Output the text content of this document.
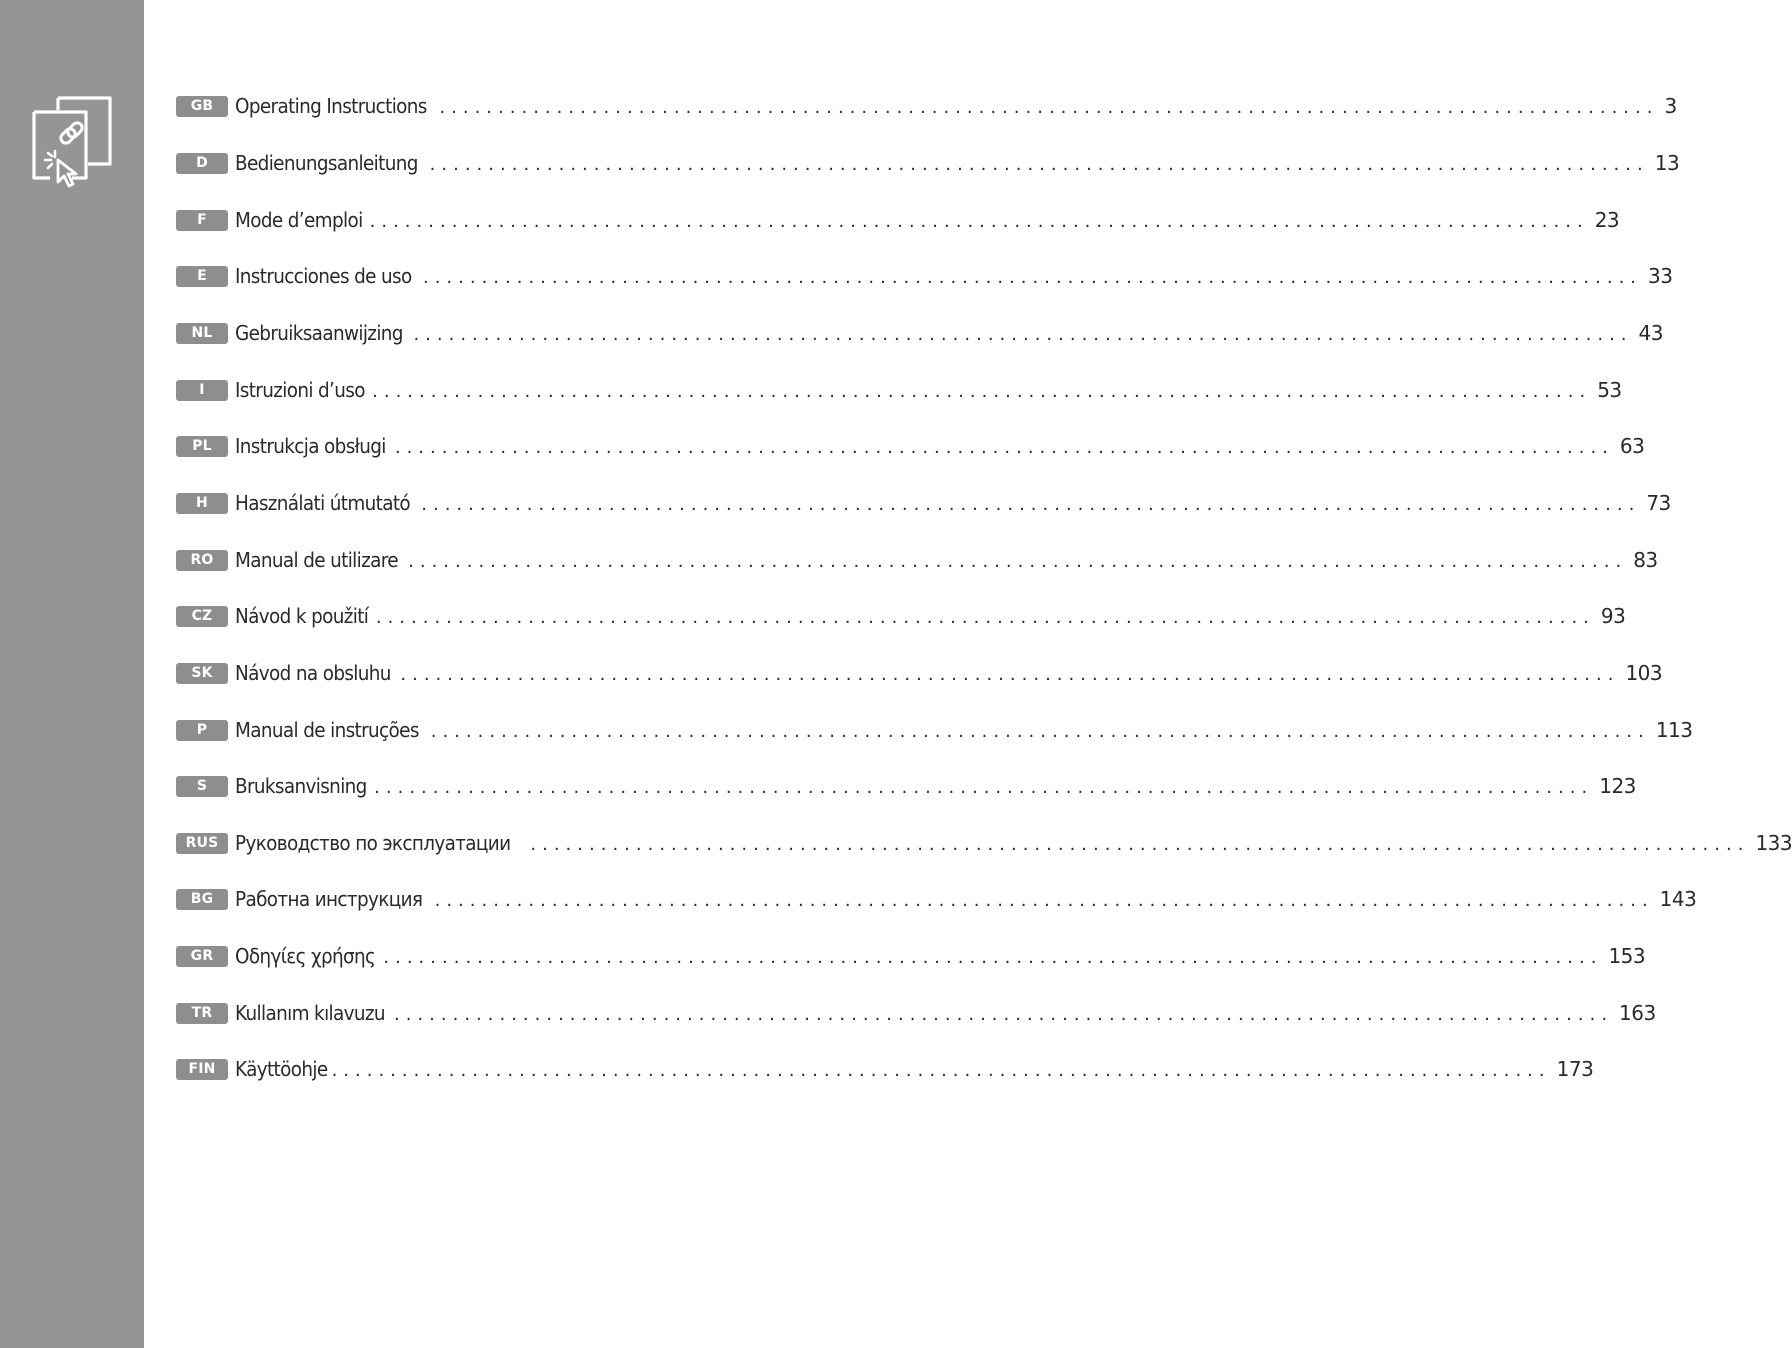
GB	Operating Instructions ........................................................................................................ 3
D	Bedienungsanleitung ........................................................................................................ 13
F	Mode d’emploi ........................................................................................................ 23
E	Instrucciones de uso ........................................................................................................ 33
NL	Gebruiksaanwijzing ........................................................................................................ 43
I	Istruzioni d’uso ........................................................................................................ 53
PL	Instrukcja obsługi ........................................................................................................ 63
H	Használati útmutató ........................................................................................................ 73
RO	Manual de utilizare ........................................................................................................ 83
CZ	Návod k použití ........................................................................................................ 93
SK	Návod na obsluhu ........................................................................................................ 103
P	Manual de instruções ........................................................................................................ 113
S	Bruksanvisning ........................................................................................................ 123
RUS Руководство по эксплуатации ........................................................................................................ 133
BG	Работна инструкция ........................................................................................................ 143
GR	Οδηγίες χρήσης ........................................................................................................ 153
TR	Kullanım kılavuzu ........................................................................................................ 163
FIN Käyttöohje ........................................................................................................ 173
